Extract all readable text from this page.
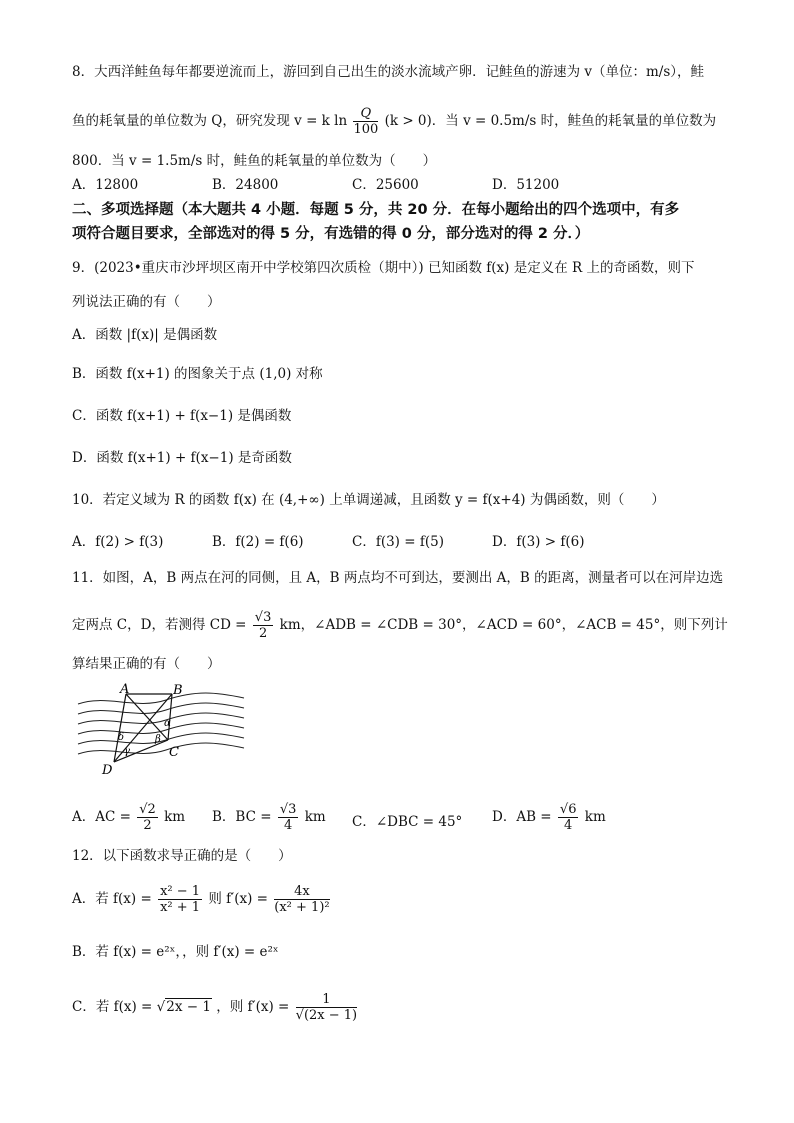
8．大西洋鲑鱼每年都要逆流而上，游回到自己出生的淡水流域产卵．记鲑鱼的游速为 v（单位：m/s），鲑
鱼的耗氧量的单位数为 Q，研究发现 v = k $\ln \frac{Q}{100} (k > 0)$．当 v = 0.5m/s 时，鲑鱼的耗氧量的单位数为
800．当 v = 1.5m/s 时，鲑鱼的耗氧量的单位数为（　　）
A．12800	B．24800	C．25600	D．51200
二、多项选择题（本大题共 4 小题．每题 5 分，共 20 分．在每小题给出的四个选项中，有多
项符合题目要求，全部选对的得 5 分，有选错的得 0 分，部分选对的得 2 分．）
9．(2023•重庆市沙坪坝区南开中学校第四次质检（期中）) 已知函数 f(x) 是定义在 R 上的奇函数，则下
列说法正确的有（　　）
A．函数 |f(x)| 是偶函数
B．函数 f(x+1) 的图象关于点 (1,0) 对称
C．函数 f(x+1) + f(x−1) 是偶函数
D．函数 f(x+1) + f(x−1) 是奇函数
10．若定义域为 R 的函数 f(x) 在 (4,+∞) 上单调递减，且函数 y = f(x+4) 为偶函数，则（　　）
A．f(2) > f(3)	B．f(2) = f(6)	C．f(3) = f(5)	D．f(3) > f(6)
11．如图，A，B 两点在河的同侧，且 A，B 两点均不可到达，要测出 A，B 的距离，测量者可以在河岸边选
定两点 C，D，若测得 CD = $\frac{√3}{2}$ km，∠ADB = ∠CDB = 30°，∠ACD = 60°，∠ACB = 45°，则下列计
算结果正确的有（　　）
A	B
C
D
α
β
δ
γ
A．AC = $\frac{√2}{2}$ km B．BC = $\frac{√3}{4}$ km C．∠DBC = 45° D．AB = $\frac{√6}{4}$ km
12．以下函数求导正确的是（　　）
A．若 $f(x) = \frac{\text{x² − 1}}{\text{x² + 1}}$ 则 $f'(x) = \frac{4x}{\text{(x² + 1)²}}$
B．若 f(x) = e²ˣ，，则 f′(x) = e²ˣ
C．若 f(x) = √2x − 1 ，则 $f'(x) = \frac{1}{√(2x - 1)}$
